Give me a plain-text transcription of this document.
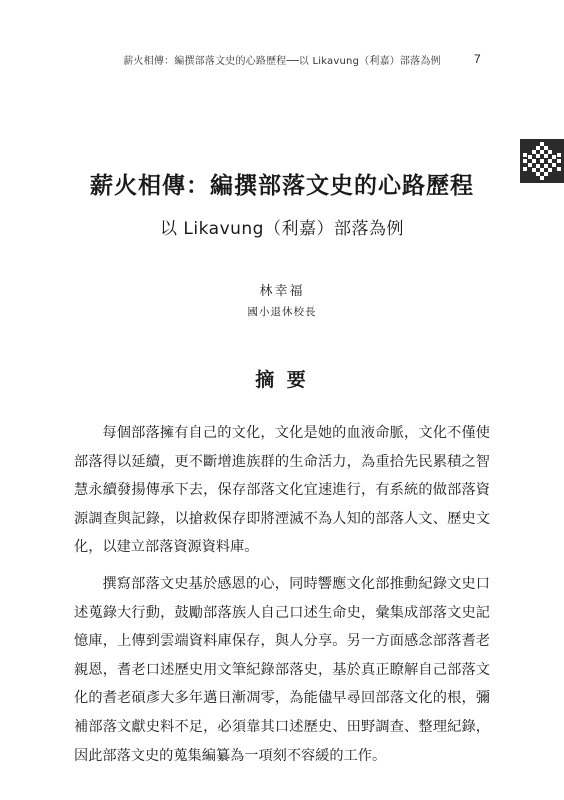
薪火相傳：編撰部落文史的心路歷程──以 Likavung（利嘉）部落為例	7
薪火相傳：編撰部落文史的心路歷程
以 Likavung（利嘉）部落為例
林幸福
國小退休校長
摘 要

每個部落擁有自己的文化，文化是她的血液命脈，文化不僅使部落得以延續，更不斷增進族群的生命活力，為重拾先民累積之智慧永續發揚傳承下去，保存部落文化宜速進行，有系統的做部落資源調查與記錄，以搶救保存即將湮滅不為人知的部落人文、歷史文化，以建立部落資源資料庫。

撰寫部落文史基於感恩的心，同時響應文化部推動紀錄文史口述蒐錄大行動，鼓勵部落族人自己口述生命史，彙集成部落文史記憶庫，上傳到雲端資料庫保存，與人分享。另一方面感念部落耆老親恩，耆老口述歷史用文筆紀錄部落史，基於真正瞭解自己部落文化的耆老碩彥大多年邁日漸凋零，為能儘早尋回部落文化的根，彌補部落文獻史料不足，必須靠其口述歷史、田野調查、整理紀錄，因此部落文史的蒐集編纂為一項刻不容緩的工作。
